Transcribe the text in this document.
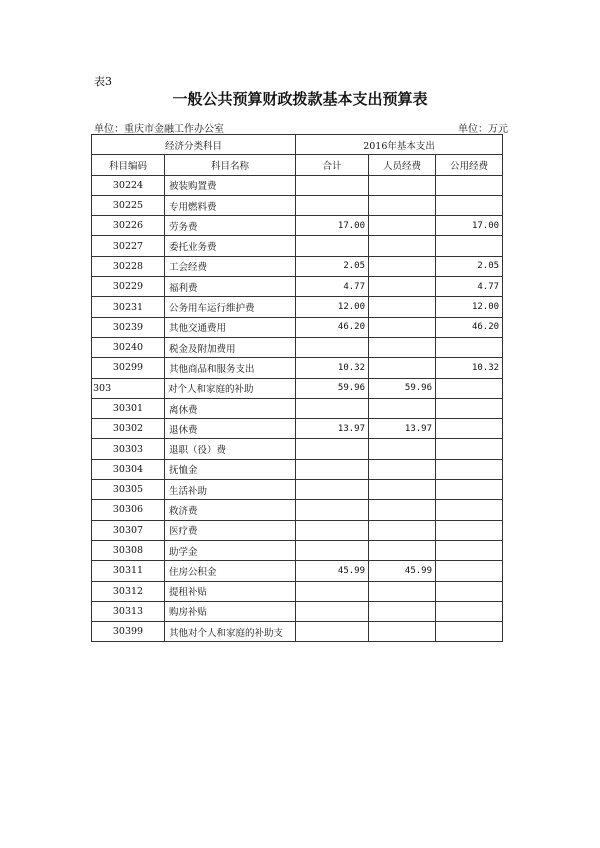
表3
一般公共预算财政拨款基本支出预算表
单位：重庆市金融工作办公室	单位：万元
经济分类科目		2016年基本支出		
科目编码	科目名称	合计	人员经费	公用经费
30224	被装购置费			
30225	专用燃料费			
30226	劳务费	17.00		17.00
30227	委托业务费			
30228	工会经费	2.05		2.05
30229	福利费	4.77		4.77
30231	公务用车运行维护费	12.00		12.00
30239	其他交通费用	46.20		46.20
30240	税金及附加费用			
30299	其他商品和服务支出	10.32		10.32
303	对个人和家庭的补助	59.96	59.96	
30301	离休费			
30302	退休费	13.97	13.97	
30303	退职（役）费			
30304	抚恤金			
30305	生活补助			
30306	救济费			
30307	医疗费			
30308	助学金			
30311	住房公积金	45.99	45.99	
30312	提租补贴			
30313	购房补贴			
30399	其他对个人和家庭的补助支			
